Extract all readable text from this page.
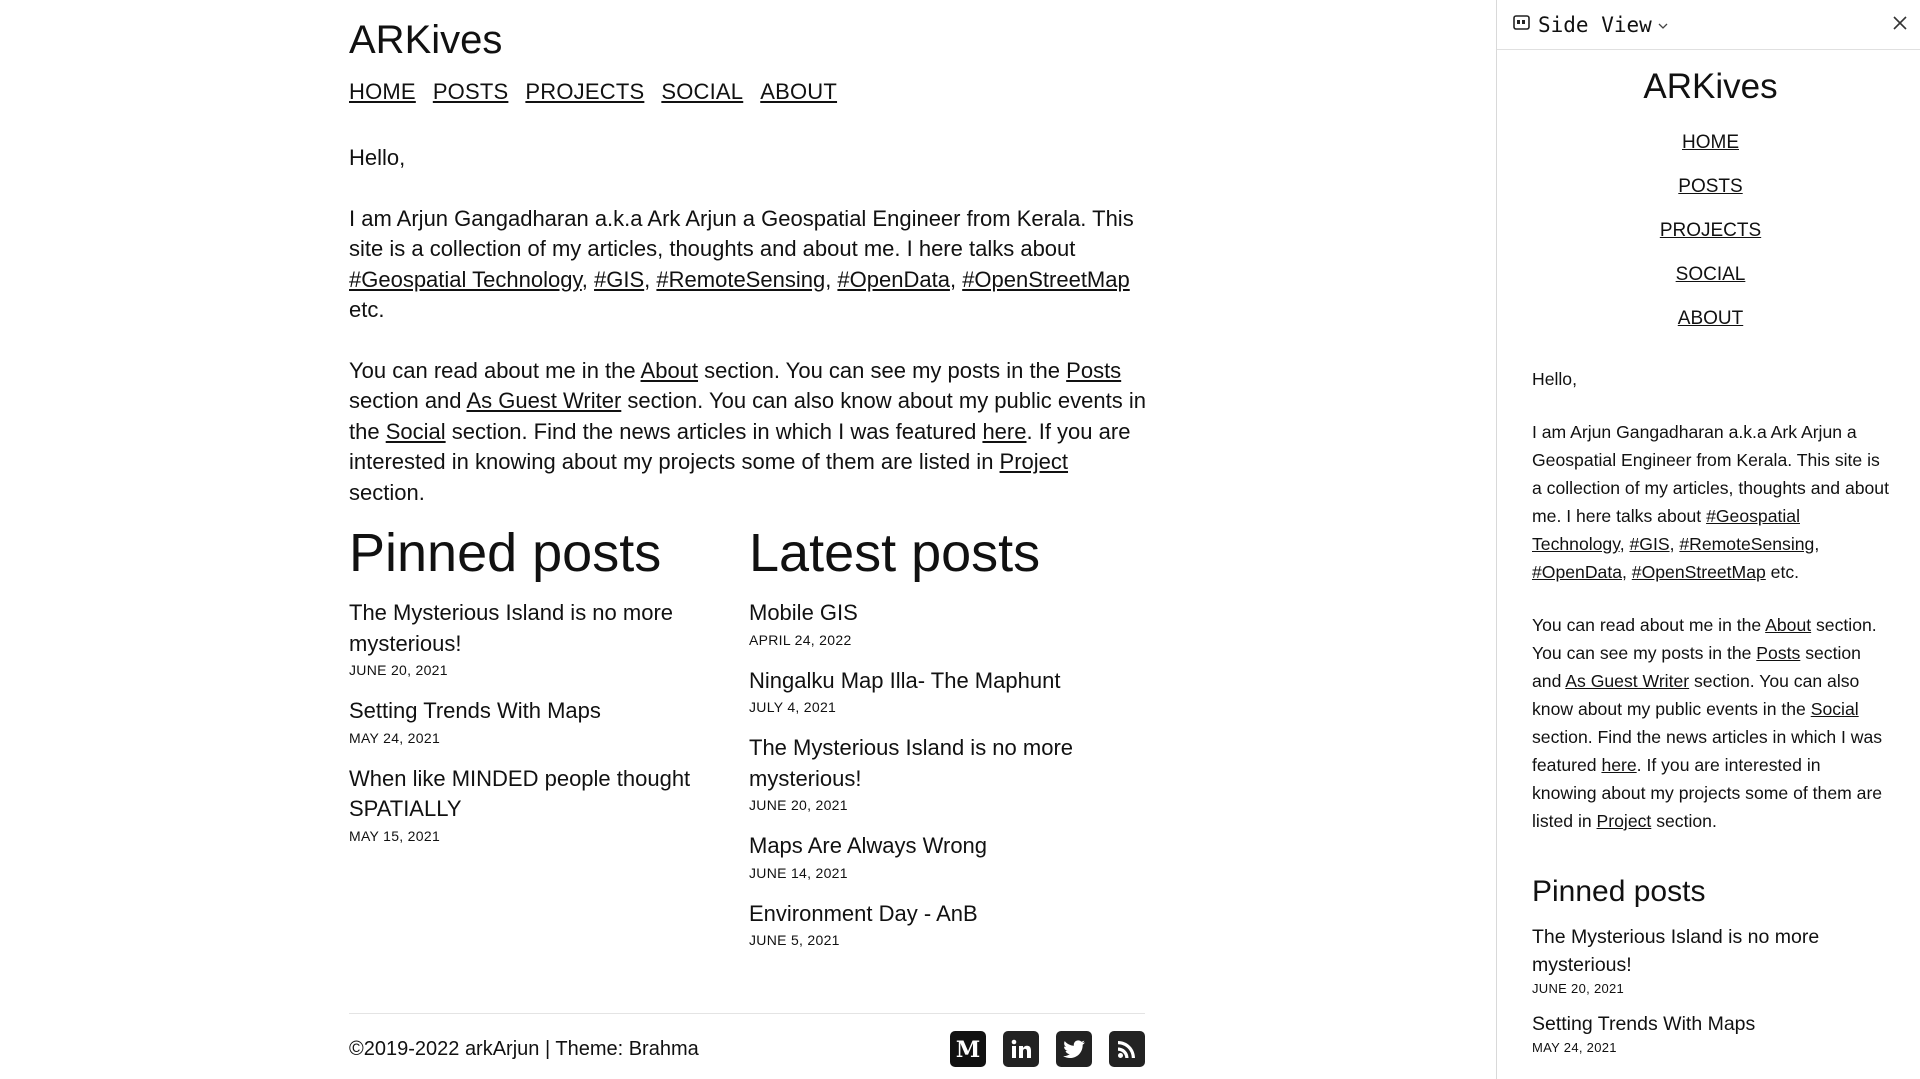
ARKives
HOME POSTS PROJECTS SOCIAL ABOUT

Hello,

I am Arjun Gangadharan a.k.a Ark Arjun a Geospatial Engineer from Kerala. This site is a collection of my articles, thoughts and about me. I here talks about #Geospatial Technology, #GIS, #RemoteSensing, #OpenData, #OpenStreetMap etc.

You can read about me in the About section. You can see my posts in the Posts section and As Guest Writer section. You can also know about my public events in the Social section. Find the news articles in which I was featured here. If you are interested in knowing about my projects some of them are listed in Project section.

Pinned posts
The Mysterious Island is no more mysterious!
JUNE 20, 2021
Setting Trends With Maps
MAY 24, 2021
When like MINDED people thought SPATIALLY
MAY 15, 2021
Latest posts
Mobile GIS
APRIL 24, 2022
Ningalku Map Illa- The Maphunt
JULY 4, 2021
The Mysterious Island is no more mysterious!
JUNE 20, 2021
Maps Are Always Wrong
JUNE 14, 2021
Environment Day - AnB
JUNE 5, 2021
©2019-2022 arkArjun | Theme: Brahma	M
Side View
ARKives
HOME
POSTS
PROJECTS
SOCIAL
ABOUT

Hello,

I am Arjun Gangadharan a.k.a Ark Arjun a Geospatial Engineer from Kerala. This site is a collection of my articles, thoughts and about me. I here talks about #Geospatial Technology, #GIS, #RemoteSensing, #OpenData, #OpenStreetMap etc.

You can read about me in the About section. You can see my posts in the Posts section and As Guest Writer section. You can also know about my public events in the Social section. Find the news articles in which I was featured here. If you are interested in knowing about my projects some of them are listed in Project section.

Pinned posts
The Mysterious Island is no more mysterious!
JUNE 20, 2021
Setting Trends With Maps
MAY 24, 2021
